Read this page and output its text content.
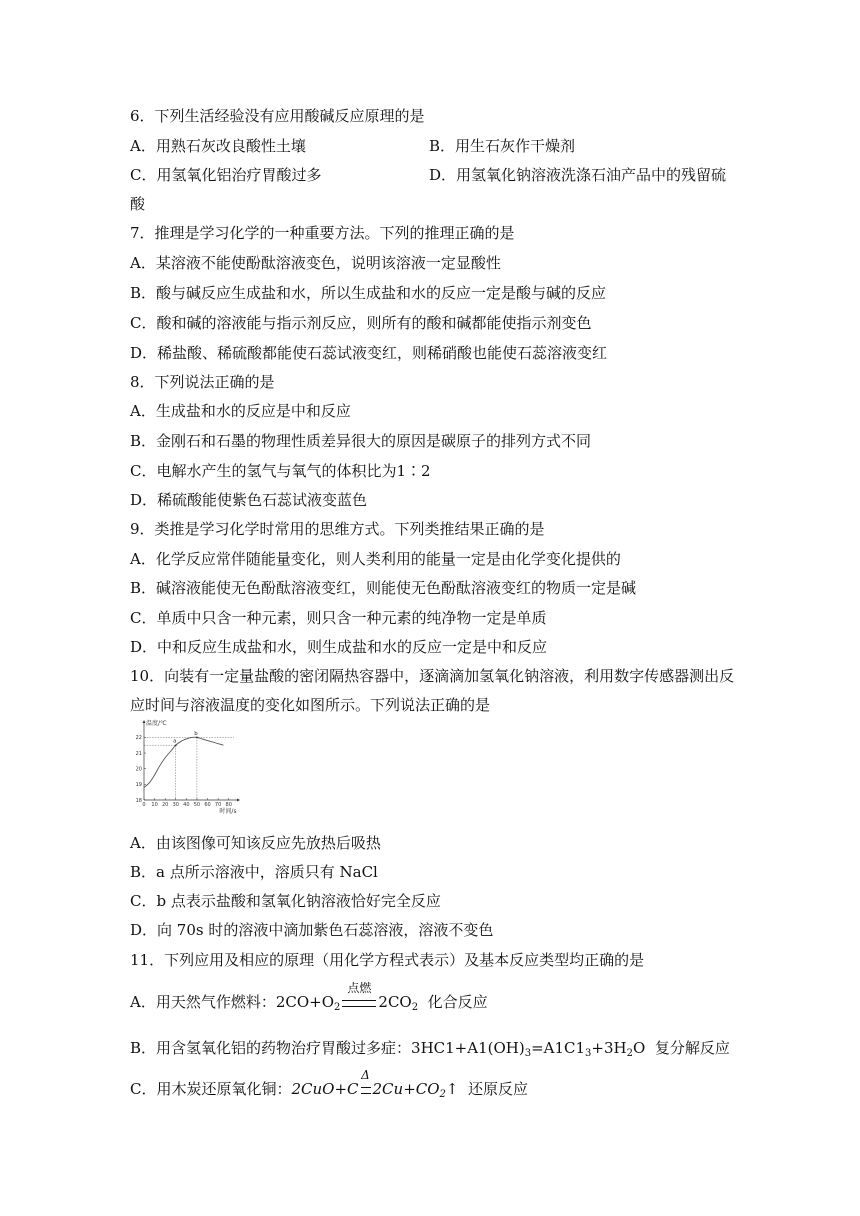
6．下列生活经验没有应用酸碱反应原理的是
A．用熟石灰改良酸性土壤	B．用生石灰作干燥剂
C．用氢氧化铝治疗胃酸过多	D．用氢氧化钠溶液洗涤石油产品中的残留硫
酸
7．推理是学习化学的一种重要方法。下列的推理正确的是
A．某溶液不能使酚酞溶液变色，说明该溶液一定显酸性
B．酸与碱反应生成盐和水，所以生成盐和水的反应一定是酸与碱的反应
C．酸和碱的溶液能与指示剂反应，则所有的酸和碱都能使指示剂变色
D．稀盐酸、稀硫酸都能使石蕊试液变红，则稀硝酸也能使石蕊溶液变红
8．下列说法正确的是
A．生成盐和水的反应是中和反应
B．金刚石和石墨的物理性质差异很大的原因是碳原子的排列方式不同
C．电解水产生的氢气与氧气的体积比为1∶2
D．稀硫酸能使紫色石蕊试液变蓝色
9．类推是学习化学时常用的思维方式。下列类推结果正确的是
A．化学反应常伴随能量变化，则人类利用的能量一定是由化学变化提供的
B．碱溶液能使无色酚酞溶液变红，则能使无色酚酞溶液变红的物质一定是碱
C．单质中只含一种元素，则只含一种元素的纯净物一定是单质
D．中和反应生成盐和水，则生成盐和水的反应一定是中和反应
10．向装有一定量盐酸的密闭隔热容器中，逐滴滴加氢氧化钠溶液，利用数字传感器测出反
应时间与溶液温度的变化如图所示。下列说法正确的是
0 10 20 30 40 50 60 70 80
18
19
20
21
22
a
b
温度/℃
时间/s
A．由该图像可知该反应先放热后吸热
B．a 点所示溶液中，溶质只有 NaCl
C．b 点表示盐酸和氢氧化钠溶液恰好完全反应
D．向 70s 时的溶液中滴加紫色石蕊溶液，溶液不变色
11．下列应用及相应的原理（用化学方程式表示）及基本反应类型均正确的是
A．用天然气作燃料：$2CO+O_2$
点燃
$2CO_2$ 化合反应
B．用含氢氧化铝的药物治疗胃酸过多症：$3HC1+A1(OH)_3=A1C1_3+3H_2O$ 复分解反应
C．用木炭还原氧化铜：2CuO+C
Δ
$2Cu+CO_2↑$  还原反应
